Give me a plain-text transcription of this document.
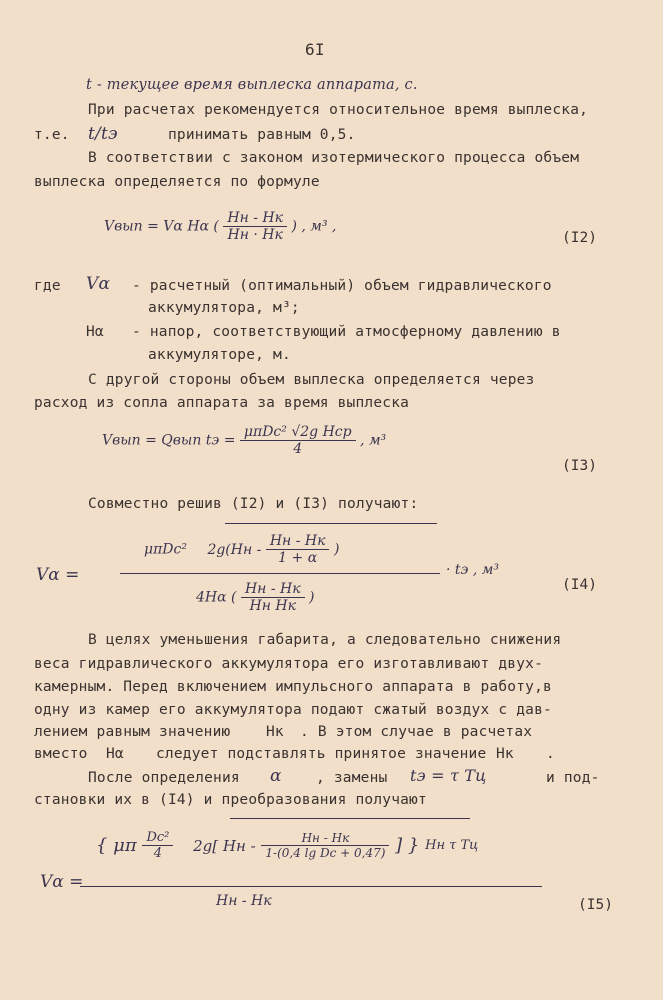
6I
t - текущее время выплеска аппарата, с.
При расчетах рекомендуется относительное время выплеска,
т.е. t/tэ	принимать равным 0,5.
В соответствии с законом изотермического процесса объем
выплеска определяется по формуле
Vвып = Vα Hα ( $\frac{Hн - Hк}{Hн \cdot Hк}$ ) , м³ ,
(I2)
где Vα - расчетный (оптимальный) объем гидравлического
аккумулятора, м³;
Hα - напор, соответствующий атмосферному давлению в
аккумуляторе, м.
С другой стороны объем выплеска определяется через
расход из сопла аппарата за время выплеска
Vвып = Qвып tэ = $\frac{\text{μπDс² √2g Hср}}{4}$ , м³
(I3)
Совместно решив (I2) и (I3) получают:
Vα =
μπDс² $2g(Hн - \frac{Hн - Hк}{1 + \alpha}$ )
4Hα ( $\frac{Hн - Hк}{\text{Hн Hк}}$ )
· tэ , м³
(I4)
В целях уменьшения габарита, а следовательно снижения
веса гидравлического аккумулятора его изготавливают двух-
камерным. Перед включением импульсного аппарата в работу,в
одну из камер его аккумулятора подают сжатый воздух с дав-
лением равным значению Hк . В этом случае в расчетах
вместо Hα следует подставлять принятое значение Hк .
После определения α , замены tэ = τ Tц	и под-
становки их в (I4) и преобразования получают
Vα =
{ μπ $\frac{\text{Dс²}}{4} 2g$[ Hн - $\frac{Hн - Hк}{\text{1-(0,4 lg Dс + 0,47)}}$ ] } Hн τ Tц
Hн - Hк	(I5)
